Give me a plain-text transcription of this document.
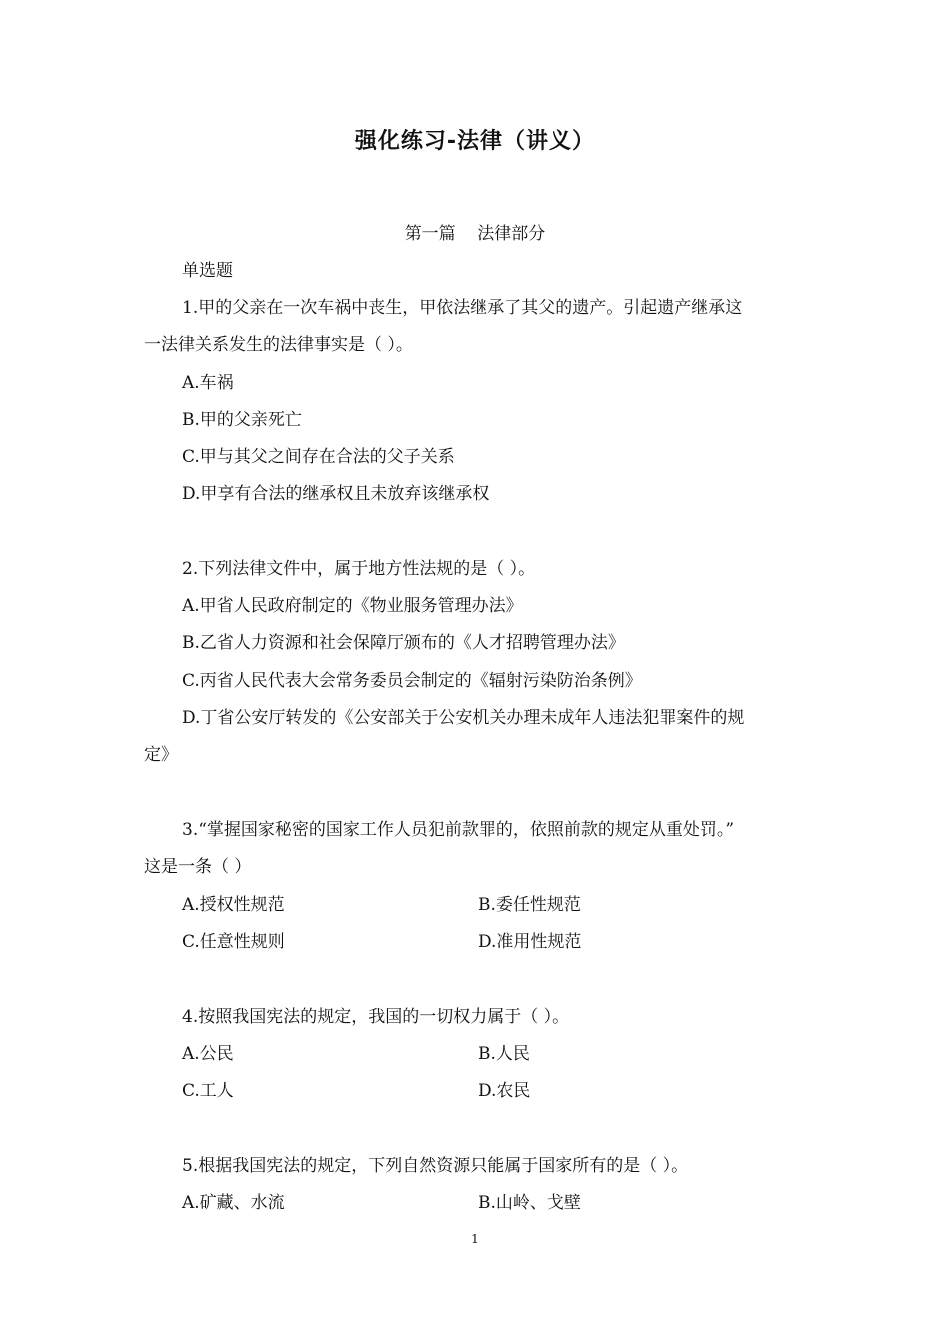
强化练习-法律（讲义）
第一篇    法律部分
单选题
1.甲的父亲在一次车祸中丧生，甲依法继承了其父的遗产。引起遗产继承这
一法律关系发生的法律事实是（ ）。
A.车祸
B.甲的父亲死亡
C.甲与其父之间存在合法的父子关系
D.甲享有合法的继承权且未放弃该继承权
2.下列法律文件中，属于地方性法规的是（ ）。
A.甲省人民政府制定的《物业服务管理办法》
B.乙省人力资源和社会保障厅颁布的《人才招聘管理办法》
C.丙省人民代表大会常务委员会制定的《辐射污染防治条例》
D.丁省公安厅转发的《公安部关于公安机关办理未成年人违法犯罪案件的规
定》
3.“掌握国家秘密的国家工作人员犯前款罪的，依照前款的规定从重处罚。”
这是一条（ ）
A.授权性规范	B.委任性规范
C.任意性规则	D.准用性规范
4.按照我国宪法的规定，我国的一切权力属于（ ）。
A.公民	B.人民
C.工人	D.农民
5.根据我国宪法的规定，下列自然资源只能属于国家所有的是（ ）。
A.矿藏、水流	B.山岭、戈壁
1
